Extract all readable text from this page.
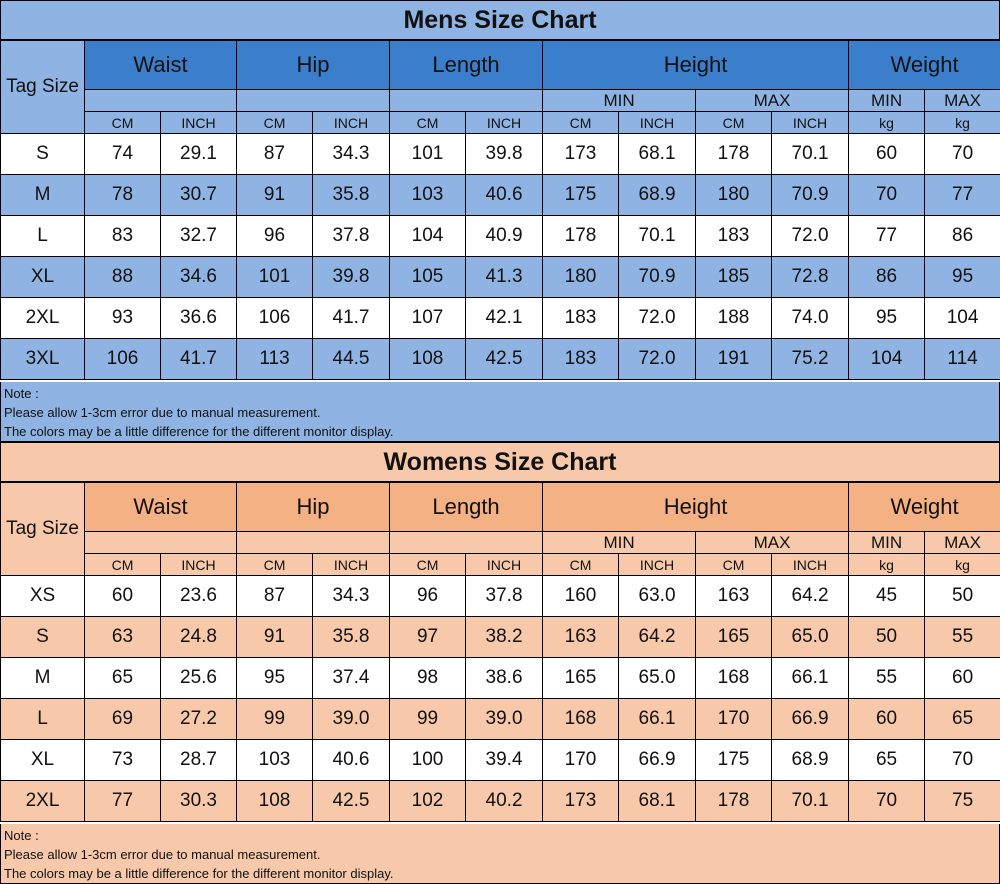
Mens Size Chart
Tag Size	Waist		Hip		Length		Height				Weight	
							MIN		MAX		MIN	MAX
	CM	INCH	CM	INCH	CM	INCH	CM	INCH	CM	INCH	kg	kg
S	74	29.1	87	34.3	101	39.8	173	68.1	178	70.1	60	70
M	78	30.7	91	35.8	103	40.6	175	68.9	180	70.9	70	77
L	83	32.7	96	37.8	104	40.9	178	70.1	183	72.0	77	86
XL	88	34.6	101	39.8	105	41.3	180	70.9	185	72.8	86	95
2XL	93	36.6	106	41.7	107	42.1	183	72.0	188	74.0	95	104
3XL	106	41.7	113	44.5	108	42.5	183	72.0	191	75.2	104	114
Note :
Please allow 1-3cm error due to manual measurement.
The colors may be a little difference for the different monitor display.
Womens Size Chart
Tag Size	Waist		Hip		Length		Height				Weight	
							MIN		MAX		MIN	MAX
	CM	INCH	CM	INCH	CM	INCH	CM	INCH	CM	INCH	kg	kg
XS	60	23.6	87	34.3	96	37.8	160	63.0	163	64.2	45	50
S	63	24.8	91	35.8	97	38.2	163	64.2	165	65.0	50	55
M	65	25.6	95	37.4	98	38.6	165	65.0	168	66.1	55	60
L	69	27.2	99	39.0	99	39.0	168	66.1	170	66.9	60	65
XL	73	28.7	103	40.6	100	39.4	170	66.9	175	68.9	65	70
2XL	77	30.3	108	42.5	102	40.2	173	68.1	178	70.1	70	75
Note :
Please allow 1-3cm error due to manual measurement.
The colors may be a little difference for the different monitor display.
